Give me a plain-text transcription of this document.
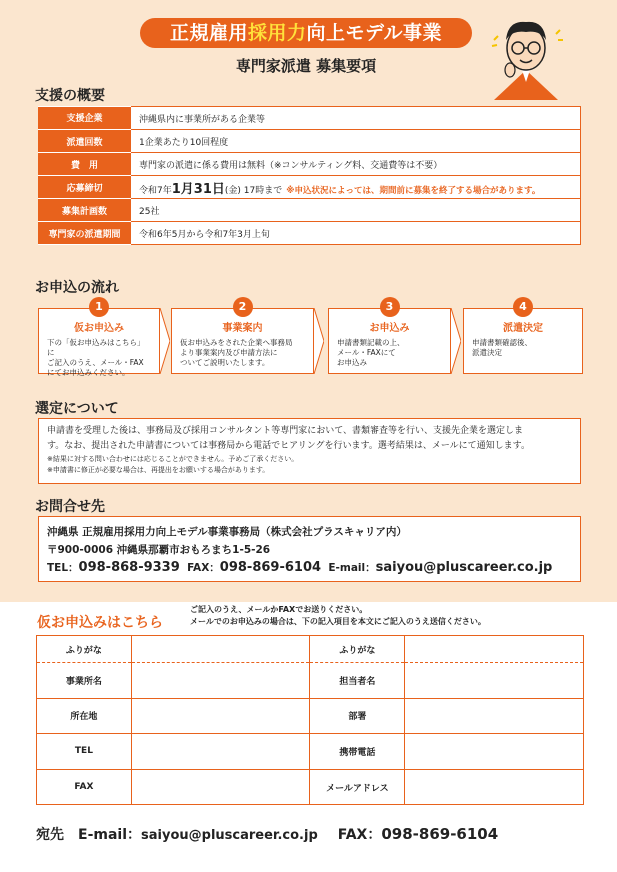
正規雇用採用力向上モデル事業
専門家派遣 募集要項
支援の概要
支援企業	沖縄県内に事業所がある企業等
派遣回数	1企業あたり10回程度
費　用	専門家の派遣に係る費用は無料（※コンサルティング料、交通費等は不要）
応募締切	令和7年1月31日(金) 17時まで ※申込状況によっては、期間前に募集を終了する場合があります。
募集計画数	25社
専門家の派遣期間	令和6年5月から令和7年3月上旬
お申込の流れ
1
仮お申込み
下の「仮お申込みはこちら」に
ご記入のうえ、メール・FAX
にてお申込みください。
2
事業案内
仮お申込みをされた企業へ事務局
より事業案内及び申請方法に
ついてご説明いたします。
3
お申込み
申請書類記載の上、
メール・FAXにて
お申込み
4
派遣決定
申請書類確認後、
派遣決定
選定について
申請書を受理した後は、事務局及び採用コンサルタント等専門家において、書類審査等を行い、支援先企業を選定しま
す。なお、提出された申請書については事務局から電話でヒアリングを行います。選考結果は、メールにて通知します。
※結果に対する問い合わせには応じることができません。予めご了承ください。
※申請書に修正が必要な場合は、再提出をお願いする場合があります。
お問合せ先
沖縄県 正規雇用採用力向上モデル事業事務局（株式会社プラスキャリア内）
〒900-0006 沖縄県那覇市おもろまち1-5-26
TEL：098-868-9339 FAX：098-869-6104 E-mail：saiyou@pluscareer.co.jp
仮お申込みはこちら
ご記入のうえ、メールかFAXでお送りください。
メールでのお申込みの場合は、下の記入項目を本文にご記入のうえ送信ください。
ふりがな		ふりがな	
事業所名		担当者名	
所在地		部署	
TEL		携帯電話	
FAX		メールアドレス	
宛先 E-mail：saiyou@pluscareer.co.jp FAX：098-869-6104
